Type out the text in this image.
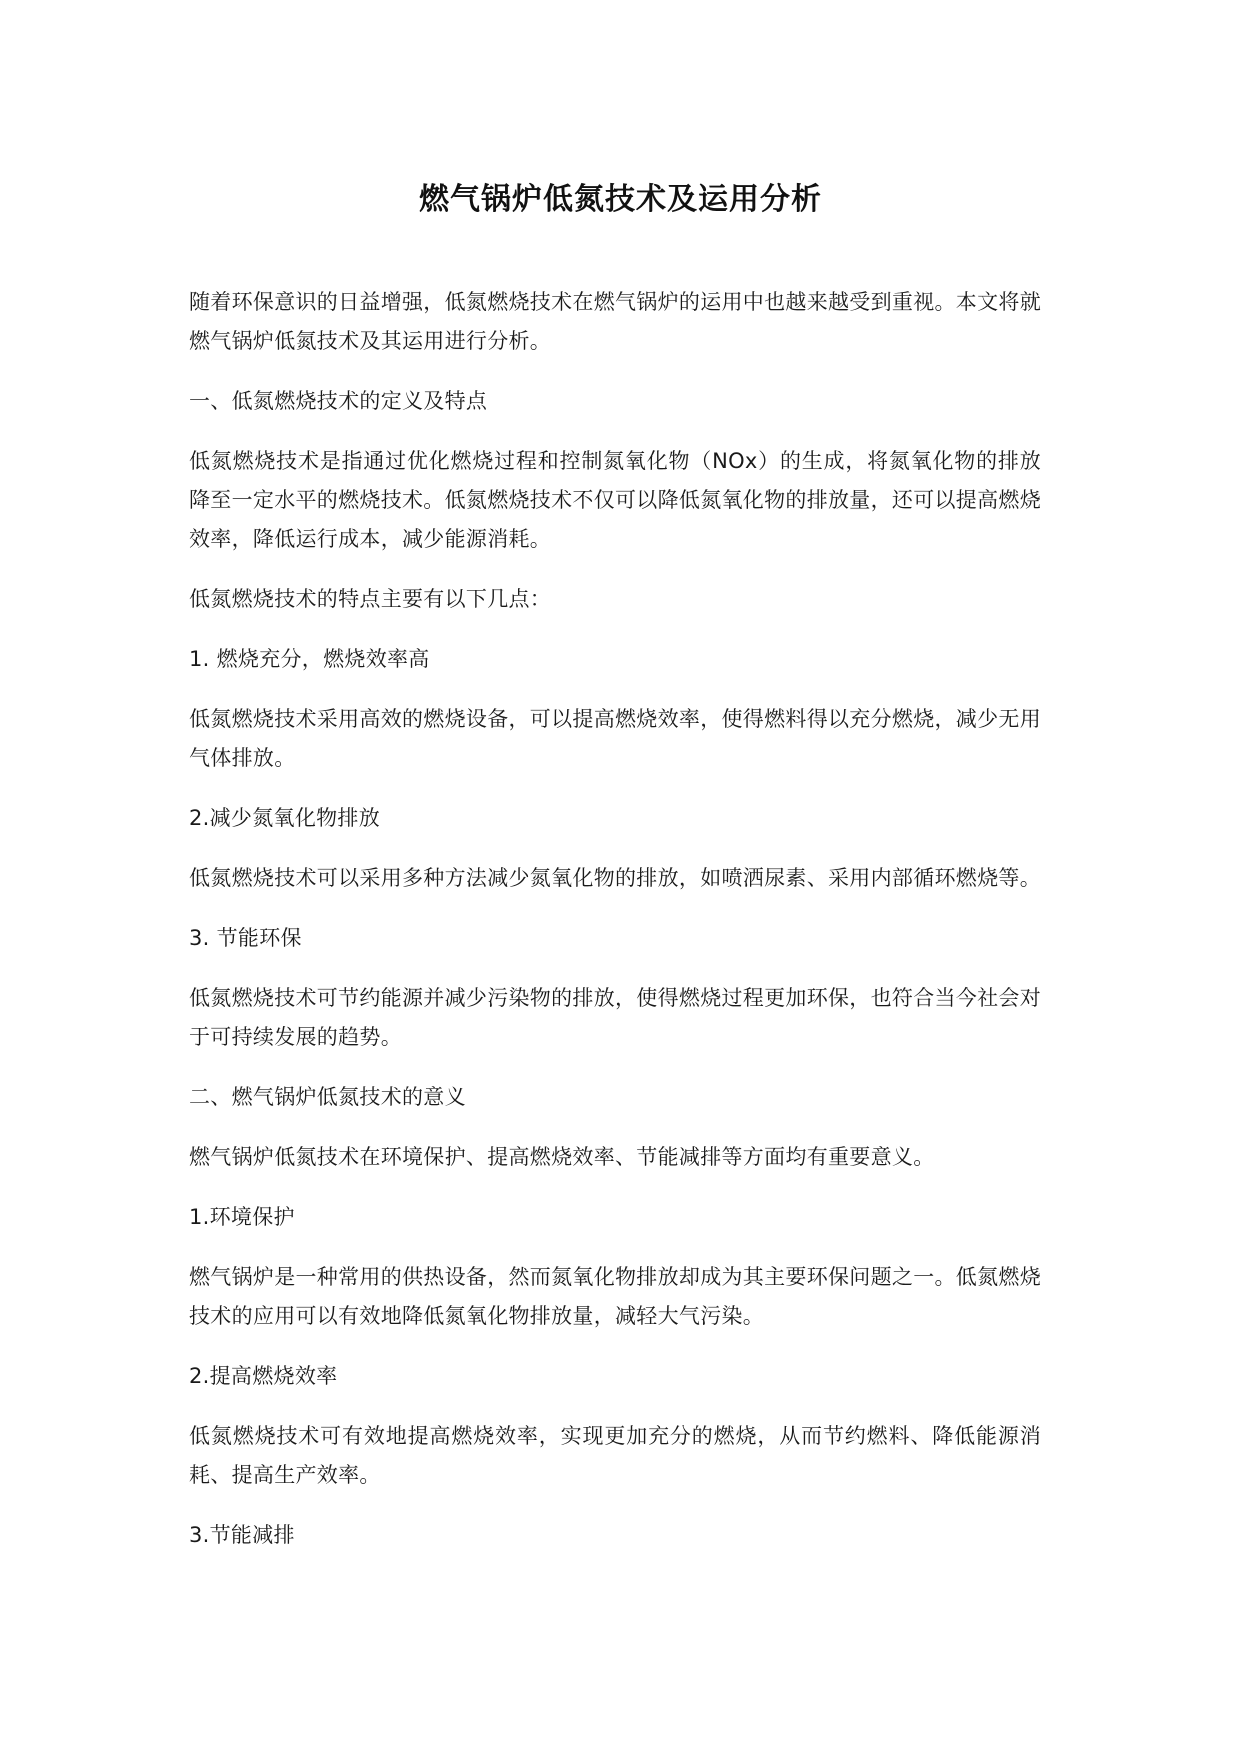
燃气锅炉低氮技术及运用分析

随着环保意识的日益增强，低氮燃烧技术在燃气锅炉的运用中也越来越受到重视。本文将就燃气锅炉低氮技术及其运用进行分析。

一、低氮燃烧技术的定义及特点

低氮燃烧技术是指通过优化燃烧过程和控制氮氧化物（NOx）的生成，将氮氧化物的排放降至一定水平的燃烧技术。低氮燃烧技术不仅可以降低氮氧化物的排放量，还可以提高燃烧效率，降低运行成本，减少能源消耗。

低氮燃烧技术的特点主要有以下几点：

1. 燃烧充分，燃烧效率高

低氮燃烧技术采用高效的燃烧设备，可以提高燃烧效率，使得燃料得以充分燃烧，减少无用气体排放。

2.减少氮氧化物排放

低氮燃烧技术可以采用多种方法减少氮氧化物的排放，如喷洒尿素、采用内部循环燃烧等。

3. 节能环保

低氮燃烧技术可节约能源并减少污染物的排放，使得燃烧过程更加环保，也符合当今社会对于可持续发展的趋势。

二、燃气锅炉低氮技术的意义

燃气锅炉低氮技术在环境保护、提高燃烧效率、节能减排等方面均有重要意义。

1.环境保护

燃气锅炉是一种常用的供热设备，然而氮氧化物排放却成为其主要环保问题之一。低氮燃烧技术的应用可以有效地降低氮氧化物排放量，减轻大气污染。

2.提高燃烧效率

低氮燃烧技术可有效地提高燃烧效率，实现更加充分的燃烧，从而节约燃料、降低能源消耗、提高生产效率。

3.节能减排
